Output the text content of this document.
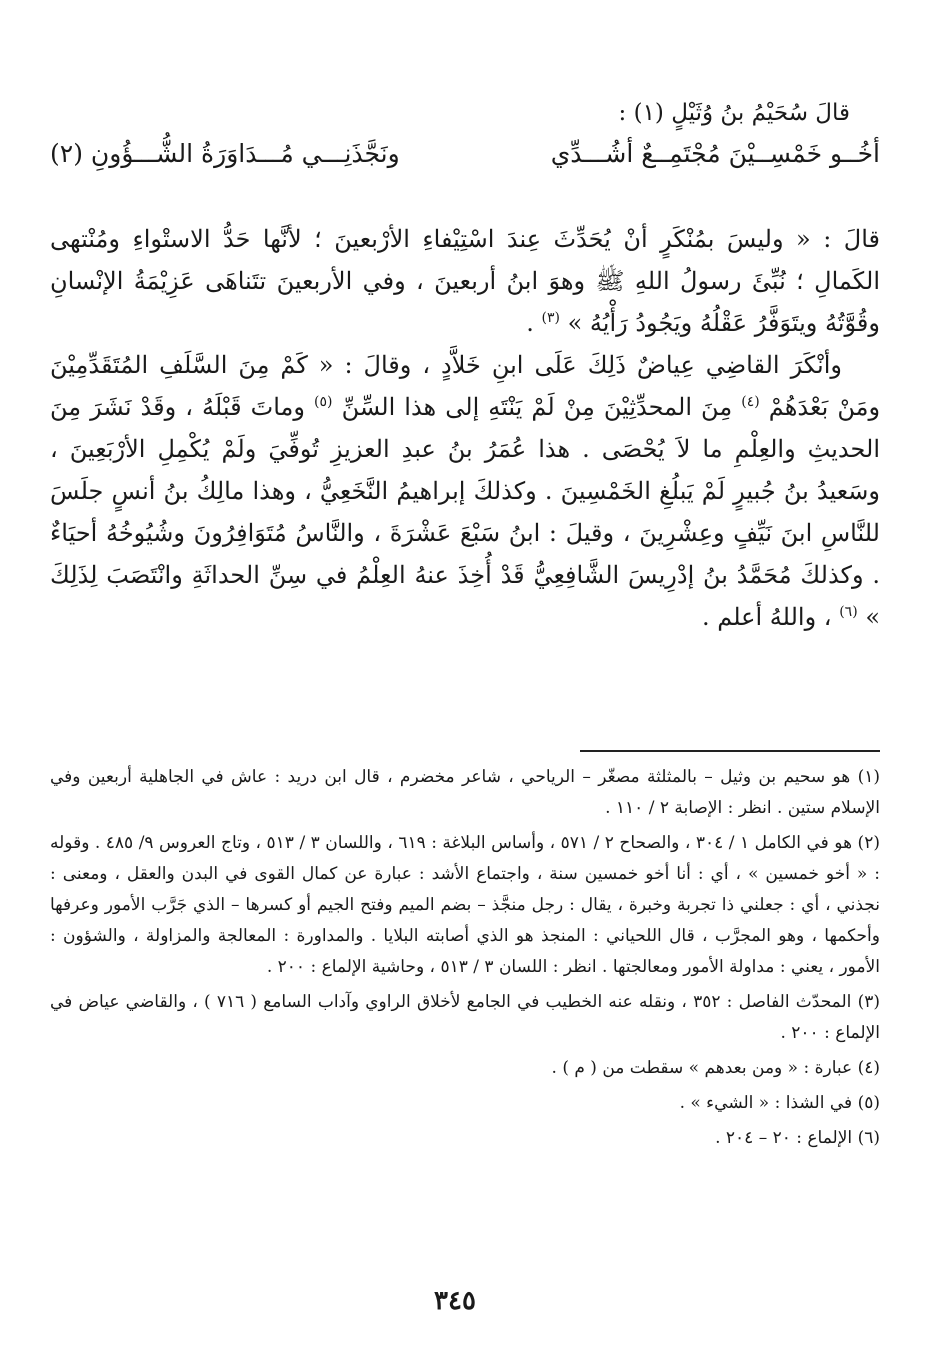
قالَ سُحَيْمُ بنُ وُثَيْلٍ (١) :
أخُــو خَمْسِــيْنَ مُجْتَمِــعٌ أشُـــدِّي
ونَجَّذَنِـــي مُـــدَاوَرَةُ الشُّـــؤُونِ (٢)

قالَ : « وليسَ بمُنْكَرٍ أنْ يُحَدِّثَ عِندَ اسْتِيْفاءِ الأرْبعينَ ؛ لأنَّها حَدُّ الاستْواءِ ومُنْتهى الكَمالِ ؛ نُبِّئَ رسولُ اللهِ ﷺ وهوَ ابنُ أربعينَ ، وفي الأربعينَ تتَناهَى عَزِيْمَةُ الإنْسانِ وقُوَّتُهُ ويتَوَفَّرُ عَقْلُهُ ويَجُودُ رَأْيُهُ » $^{(٣)}$ .

وأنْكَرَ القاضِي عِياضٌ ذَلِكَ عَلَى ابنِ خَلاَّدٍ ، وقالَ : « كَمْ مِنَ السَّلَفِ المُتَقَدِّمِيْنَ ومَنْ بَعْدَهُمْ $^{(٤)}$ مِنَ المحدِّثِيْنَ مِنْ لَمْ يَنْتَهِ إلى هذا السِّنِّ $^{(٥)}$ وماتَ قَبْلَهُ ، وقَدْ نَشَرَ مِنَ الحديثِ والعِلْمِ ما لاَ يُحْصَى . هذا عُمَرُ بنُ عبدِ العزيزِ تُوفِّيَ ولَمْ يُكْمِلِ الأرْبَعِينَ ، وسَعيدُ بنُ جُبيرٍ لَمْ يَبلُغِ الخَمْسِينَ . وكذلكَ إبراهيمُ النَّخَعِيُّ ، وهذا مالِكُ بنُ أنسٍ جلَسَ للنَّاسِ ابنَ نَيِّفٍ وعِشْرِينَ ، وقيلَ : ابنُ سَبْعَ عَشْرَةَ ، والنَّاسُ مُتَوَافِرُونَ وشُيُوخُهُ أحيَاءٌ . وكذلكَ مُحَمَّدُ بنُ إدْرِيسَ الشَّافِعِيُّ قَدْ أُخِذَ عنهُ العِلْمُ في سِنِّ الحداثَةِ وانْتَصَبَ لِذَلِكَ » $^{(٦)}$ ، واللهُ أعلم .

(١) هو سحيم بن وثيل – بالمثلثة مصغّر – الرياحي ، شاعر مخضرم ، قال ابن دريد : عاش في الجاهلية أربعين وفي الإسلام ستين . انظر : الإصابة ٢ / ١١٠ .
(٢) هو في الكامل ١ / ٣٠٤ ، والصحاح ٢ / ٥٧١ ، وأساس البلاغة : ٦١٩ ، واللسان ٣ / ٥١٣ ، وتاج العروس ٩/ ٤٨٥ . وقوله : « أخو خمسين » ، أي : أنا أخو خمسين سنة ، واجتماع الأشد : عبارة عن كمال القوى في البدن والعقل ، ومعنى : نجذني ، أي : جعلني ذا تجربة وخبرة ، يقال : رجل منجَّذ – بضم الميم وفتح الجيم أو كسرها – الذي جَرَّب الأمور وعرفها وأحكمها ، وهو المجرَّب ، قال اللحياني : المنجذ هو الذي أصابته البلايا . والمداورة : المعالجة والمزاولة ، والشؤون : الأمور ، يعني : مداولة الأمور ومعالجتها . انظر : اللسان ٣ / ٥١٣ ، وحاشية الإلماع : ٢٠٠ .
(٣) المحدّث الفاصل : ٣٥٢ ، ونقله عنه الخطيب في الجامع لأخلاق الراوي وآداب السامع ( ٧١٦ ) ، والقاضي عياض في الإلماع : ٢٠٠ .
(٤) عبارة : « ومن بعدهم » سقطت من ( م ) .
(٥) في الشذا : « الشيء » .
(٦) الإلماع : ٢٠ – ٢٠٤ .
٣٤٥
